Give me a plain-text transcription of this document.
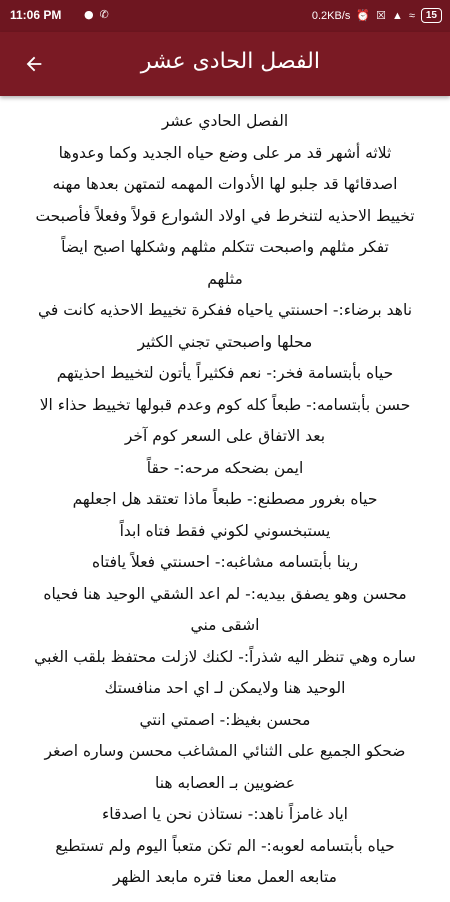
11:06 PM ● ✆	0.2KB/s ⏰ ☒ ▲ ≈	15
الفصل الحادى عشر

الفصل الحادي عشر

ثلاثه أشهر قد مر على وضع حياه الجديد وكما وعدوها

اصدقائها قد جلبو لها الأدوات المهمه لتمتهن بعدها مهنه

تخييط الاحذيه لتنخرط في اولاد الشوارع قولاً وفعلاً فأصبحت

تفكر مثلهم واصبحت تتكلم مثلهم وشكلها اصبح ايضاً

مثلهم

ناهد برضاء:- احسنتي ياحياه ففكرة تخييط الاحذيه كانت في

محلها واصبحتي تجني الكثير

حياه بأبتسامة فخر:- نعم فكثيراً يأتون لتخييط احذيتهم

حسن بأبتسامه:- طبعاً كله كوم وعدم قبولها تخييط حذاء الا

بعد الاتفاق على السعر كوم آخر

ايمن بضحكه مرحه:- حقاً

حياه بغرور مصطنع:- طبعاً ماذا تعتقد هل اجعلهم

يستبخسوني لكوني فقط فتاه ابداً

رينا بأبتسامه مشاغبه:- احسنتي فعلاً يافتاه

محسن وهو يصفق بيديه:- لم اعد الشقي الوحيد هنا فحياه

اشقى مني

ساره وهي تنظر اليه شذراً:- لكنك لازلت محتفظ بلقب الغبي

الوحيد هنا ولايمكن لـ اي احد منافستك

محسن بغيظ:- اصمتي انتي

ضحكو الجميع على الثنائي المشاغب محسن وساره اصغر

عضويين بـ العصابه هنا

اياد غامزاً ناهد:- نستاذن نحن يا اصدقاء

حياه بأبتسامه لعوبه:- الم تكن متعباً اليوم ولم تستطيع

متابعه العمل معنا فتره مابعد الظهر
